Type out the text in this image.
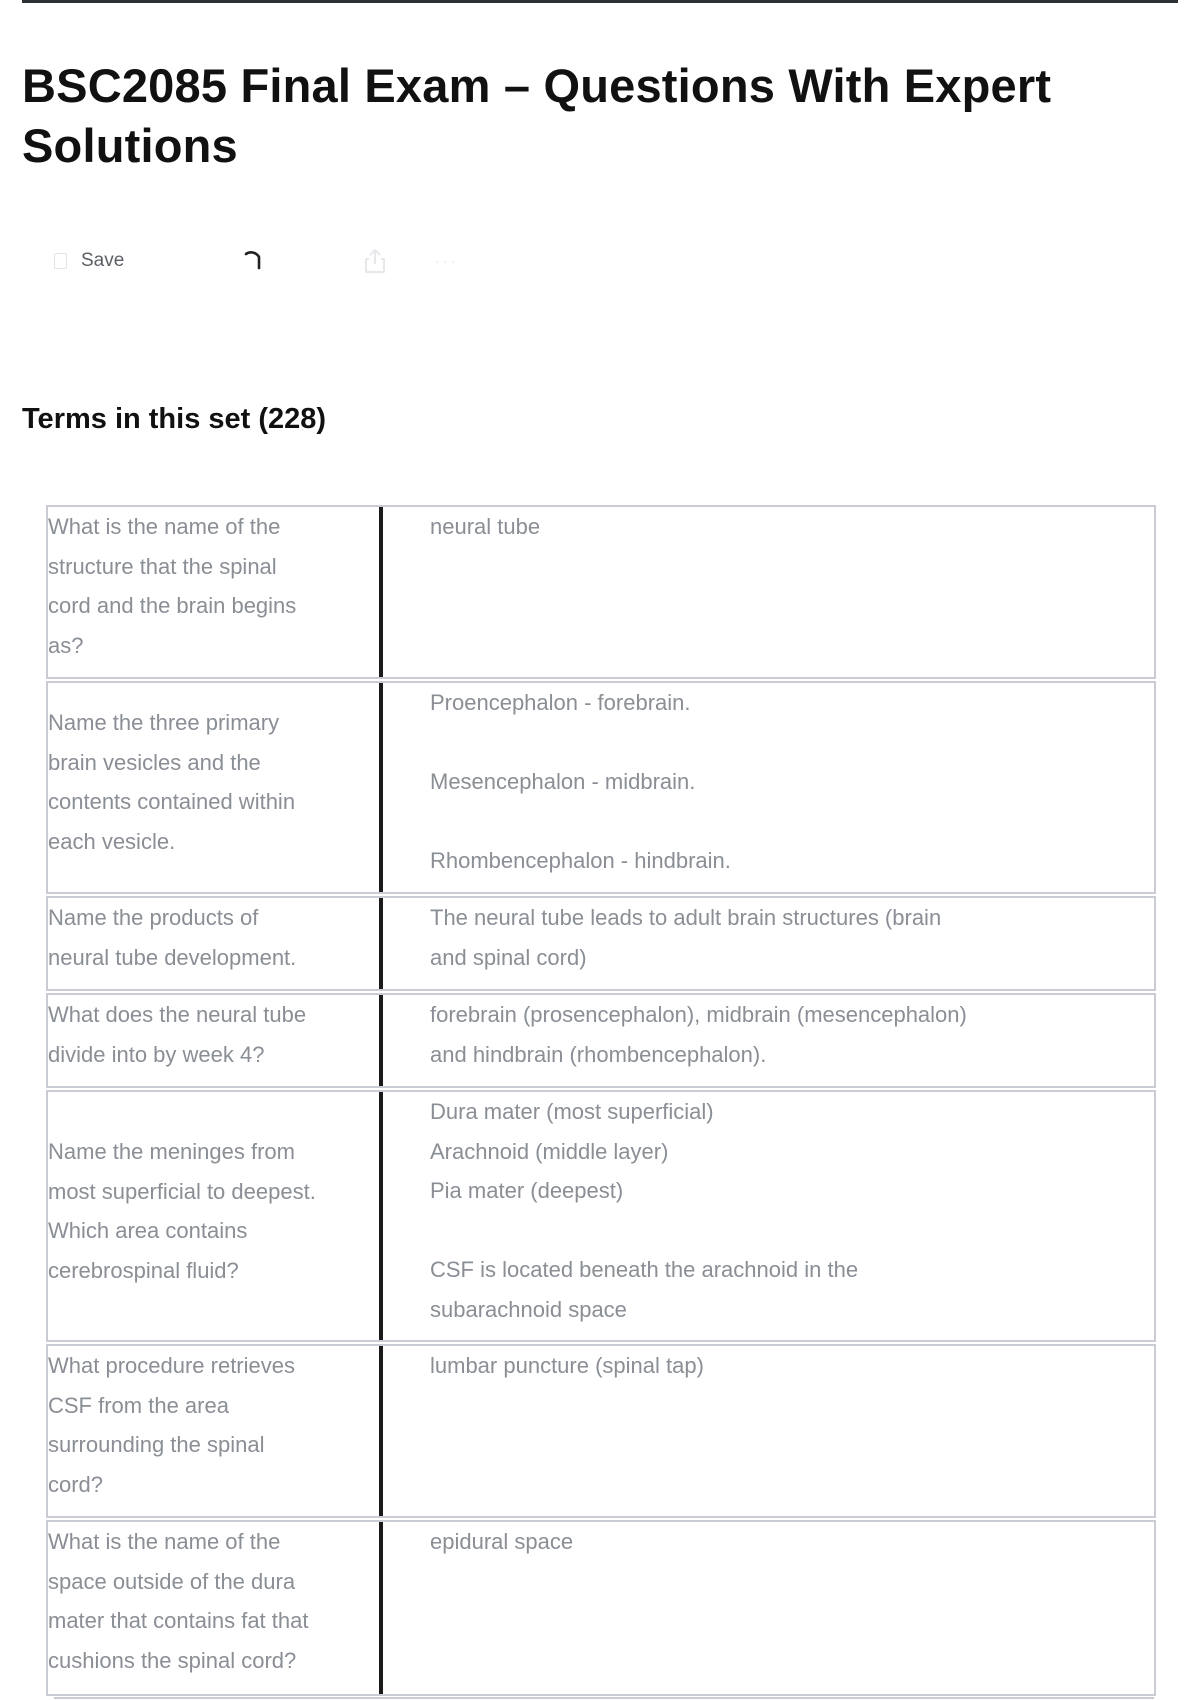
BSC2085 Final Exam – Questions With Expert Solutions
Save	···
Terms in this set (228)
What is the name of the
structure that the spinal
cord and the brain begins
as?
neural tube
Name the three primary
brain vesicles and the
contents contained within
each vesicle.
Proencephalon - forebrain.

Mesencephalon - midbrain.

Rhombencephalon - hindbrain.
Name the products of
neural tube development.
The neural tube leads to adult brain structures (brain
and spinal cord)
What does the neural tube
divide into by week 4?
forebrain (prosencephalon), midbrain (mesencephalon)
and hindbrain (rhombencephalon).
Name the meninges from
most superficial to deepest.
Which area contains
cerebrospinal fluid?
Dura mater (most superficial)
Arachnoid (middle layer)
Pia mater (deepest)

CSF is located beneath the arachnoid in the
subarachnoid space
What procedure retrieves
CSF from the area
surrounding the spinal
cord?
lumbar puncture (spinal tap)
What is the name of the
space outside of the dura
mater that contains fat that
cushions the spinal cord?
epidural space
